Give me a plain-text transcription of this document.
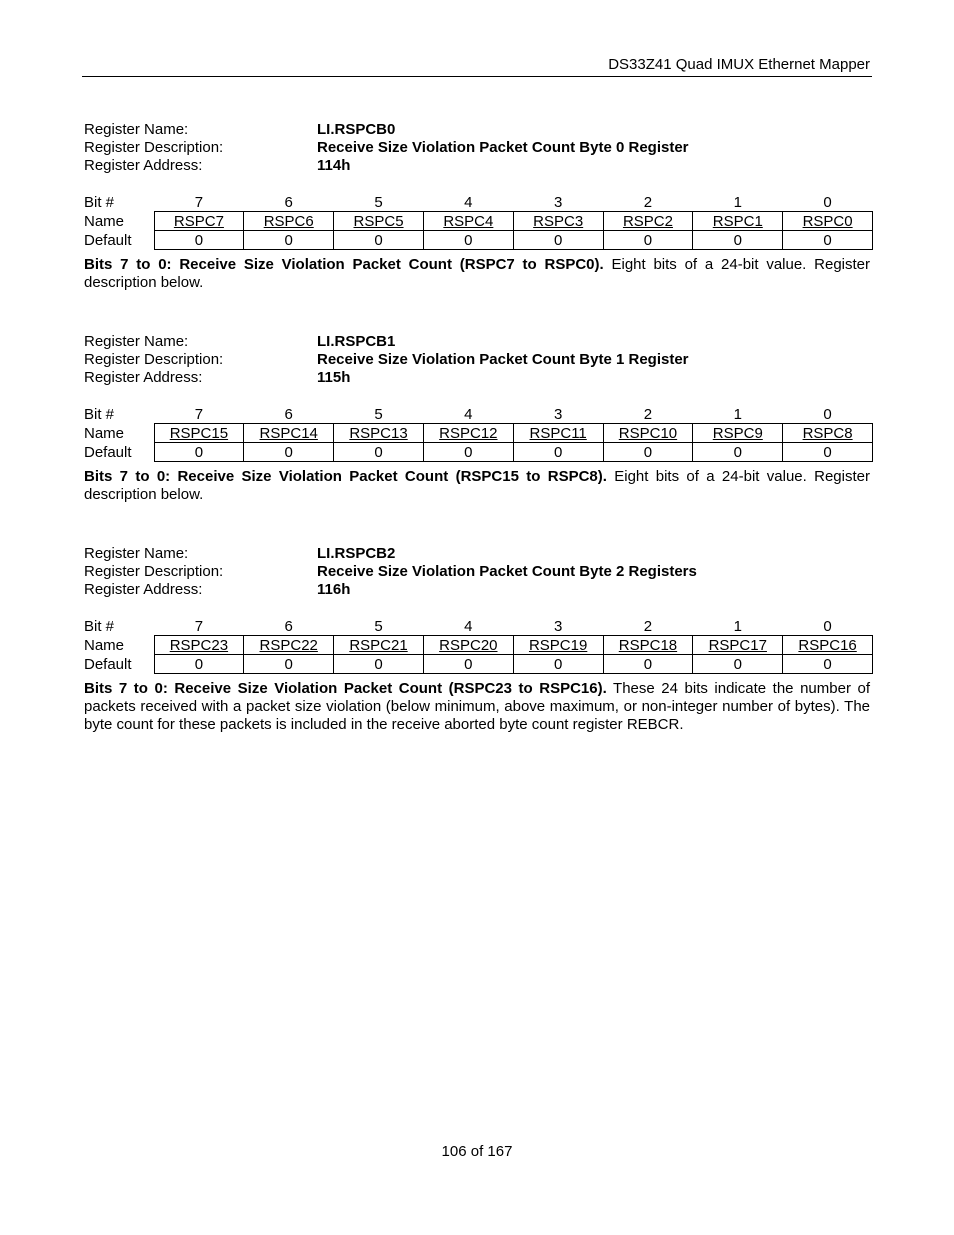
DS33Z41 Quad IMUX Ethernet Mapper
Register Name:	LI.RSPCB0
Register Description:	Receive Size Violation Packet Count Byte 0 Register
Register Address:	114h
Bit #	7	6	5	4	3	2	1	0
Name	RSPC7	RSPC6	RSPC5	RSPC4	RSPC3	RSPC2	RSPC1	RSPC0
Default	0	0	0	0	0	0	0	0
Bits 7 to 0: Receive Size Violation Packet Count (RSPC7 to RSPC0). Eight bits of a 24-bit value. Register description below.
Register Name:	LI.RSPCB1
Register Description:	Receive Size Violation Packet Count Byte 1 Register
Register Address:	115h
Bit #	7	6	5	4	3	2	1	0
Name	RSPC15	RSPC14	RSPC13	RSPC12	RSPC11	RSPC10	RSPC9	RSPC8
Default	0	0	0	0	0	0	0	0
Bits 7 to 0: Receive Size Violation Packet Count (RSPC15 to RSPC8). Eight bits of a 24-bit value. Register description below.
Register Name:	LI.RSPCB2
Register Description:	Receive Size Violation Packet Count Byte 2 Registers
Register Address:	116h
Bit #	7	6	5	4	3	2	1	0
Name	RSPC23	RSPC22	RSPC21	RSPC20	RSPC19	RSPC18	RSPC17	RSPC16
Default	0	0	0	0	0	0	0	0
Bits 7 to 0: Receive Size Violation Packet Count (RSPC23 to RSPC16). These 24 bits indicate the number of packets received with a packet size violation (below minimum, above maximum, or non-integer number of bytes). The byte count for these packets is included in the receive aborted byte count register REBCR.
106 of 167
